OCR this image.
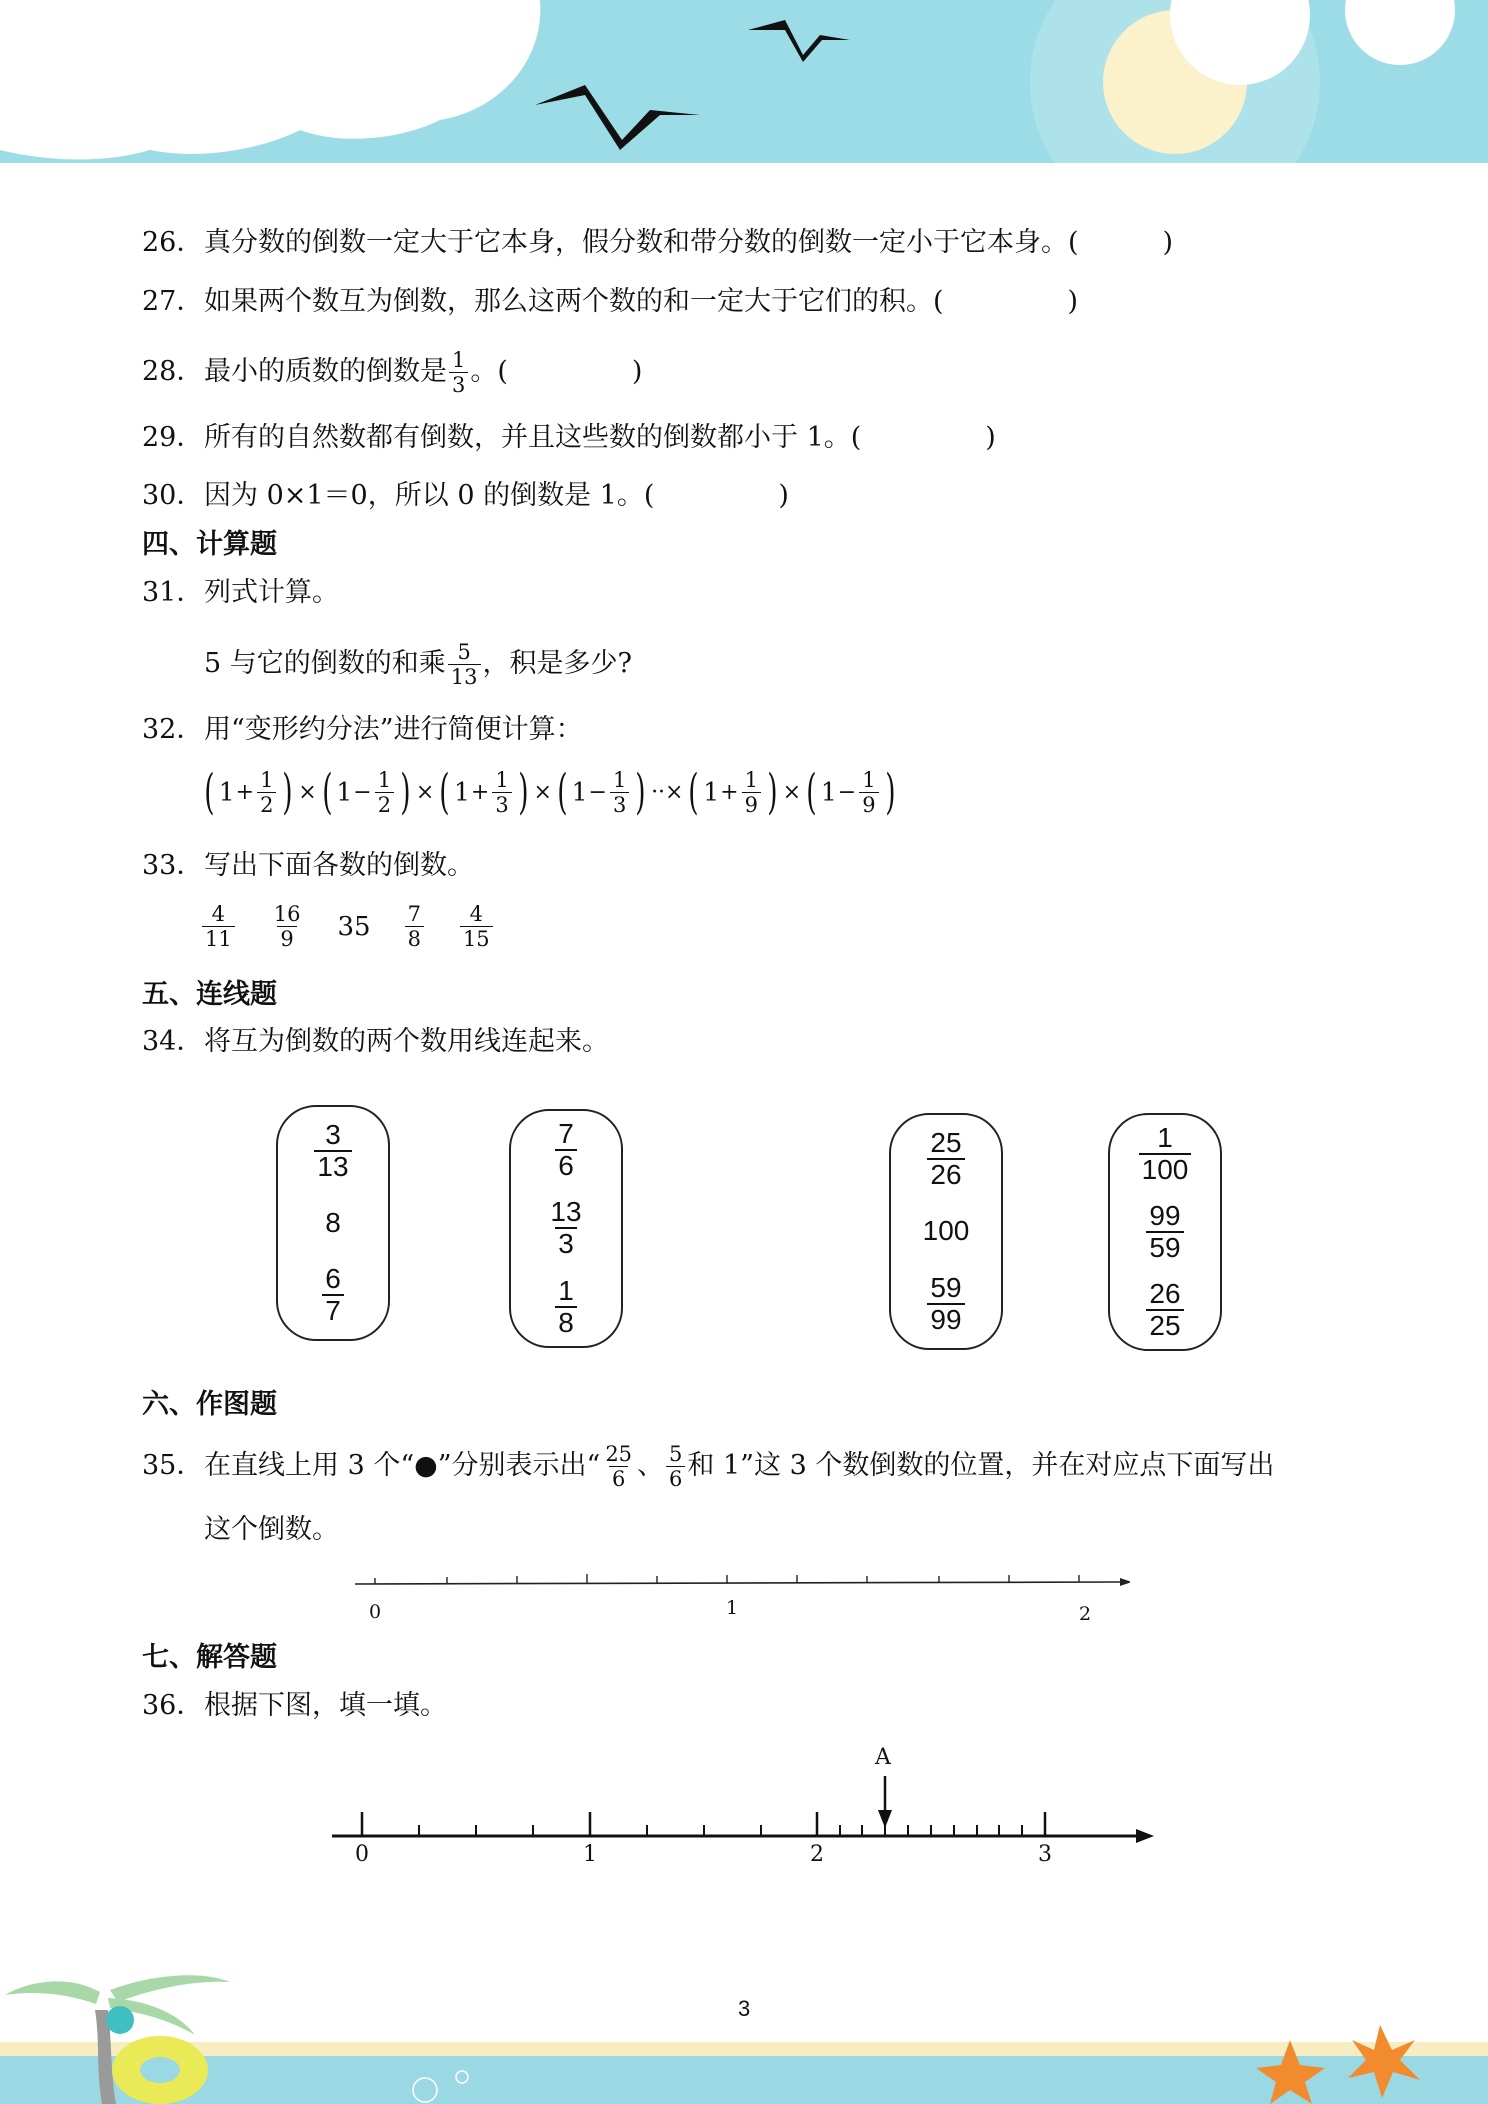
26．真分数的倒数一定大于它本身，假分数和带分数的倒数一定小于它本身。(	)
27．如果两个数互为倒数，那么这两个数的和一定大于它们的积。(	)
28．最小的质数的倒数是 $\frac{1}{3}$ 。(	)
29．所有的自然数都有倒数，并且这些数的倒数都小于 1。(	)
30．因为 0×1＝0，所以 0 的倒数是 1。(	)
四、计算题
31．列式计算。
5 与它的倒数的和乘 $\frac{5}{13}$ ，积是多少?
32．用“变形约分法”进行简便计算：
( $1+ \frac{1}{2}$ ) × ( $1- \frac{1}{2}$ ) × ( $1+ \frac{1}{3}$ ) × ( $1- \frac{1}{3}$ ) ··× ( $1+ \frac{1}{9}$ ) × ( $1- \frac{1}{9}$ )
33．写出下面各数的倒数。
$\frac{4}{11} \frac{16}{9} 35 \frac{7}{8} \frac{4}{15}$
五、连线题
34．将互为倒数的两个数用线连起来。
$\frac{3}{13}$
8
$\frac{6}{7}$
$\frac{7}{6}$
$\frac{13}{3}$
$\frac{1}{8}$
$\frac{25}{26}$
100
$\frac{59}{99}$
$\frac{1}{100}$
$\frac{99}{59}$
$\frac{26}{25}$
六、作图题
35．在直线上用 3 个“●”分别表示出“ $\frac{25}{6}$ 、 $\frac{5}{6}$ 和 1”这 3 个数倒数的位置，并在对应点下面写出
这个倒数。
0	1	2
七、解答题
36．根据下图，填一填。
A
0	1	2	3
3
